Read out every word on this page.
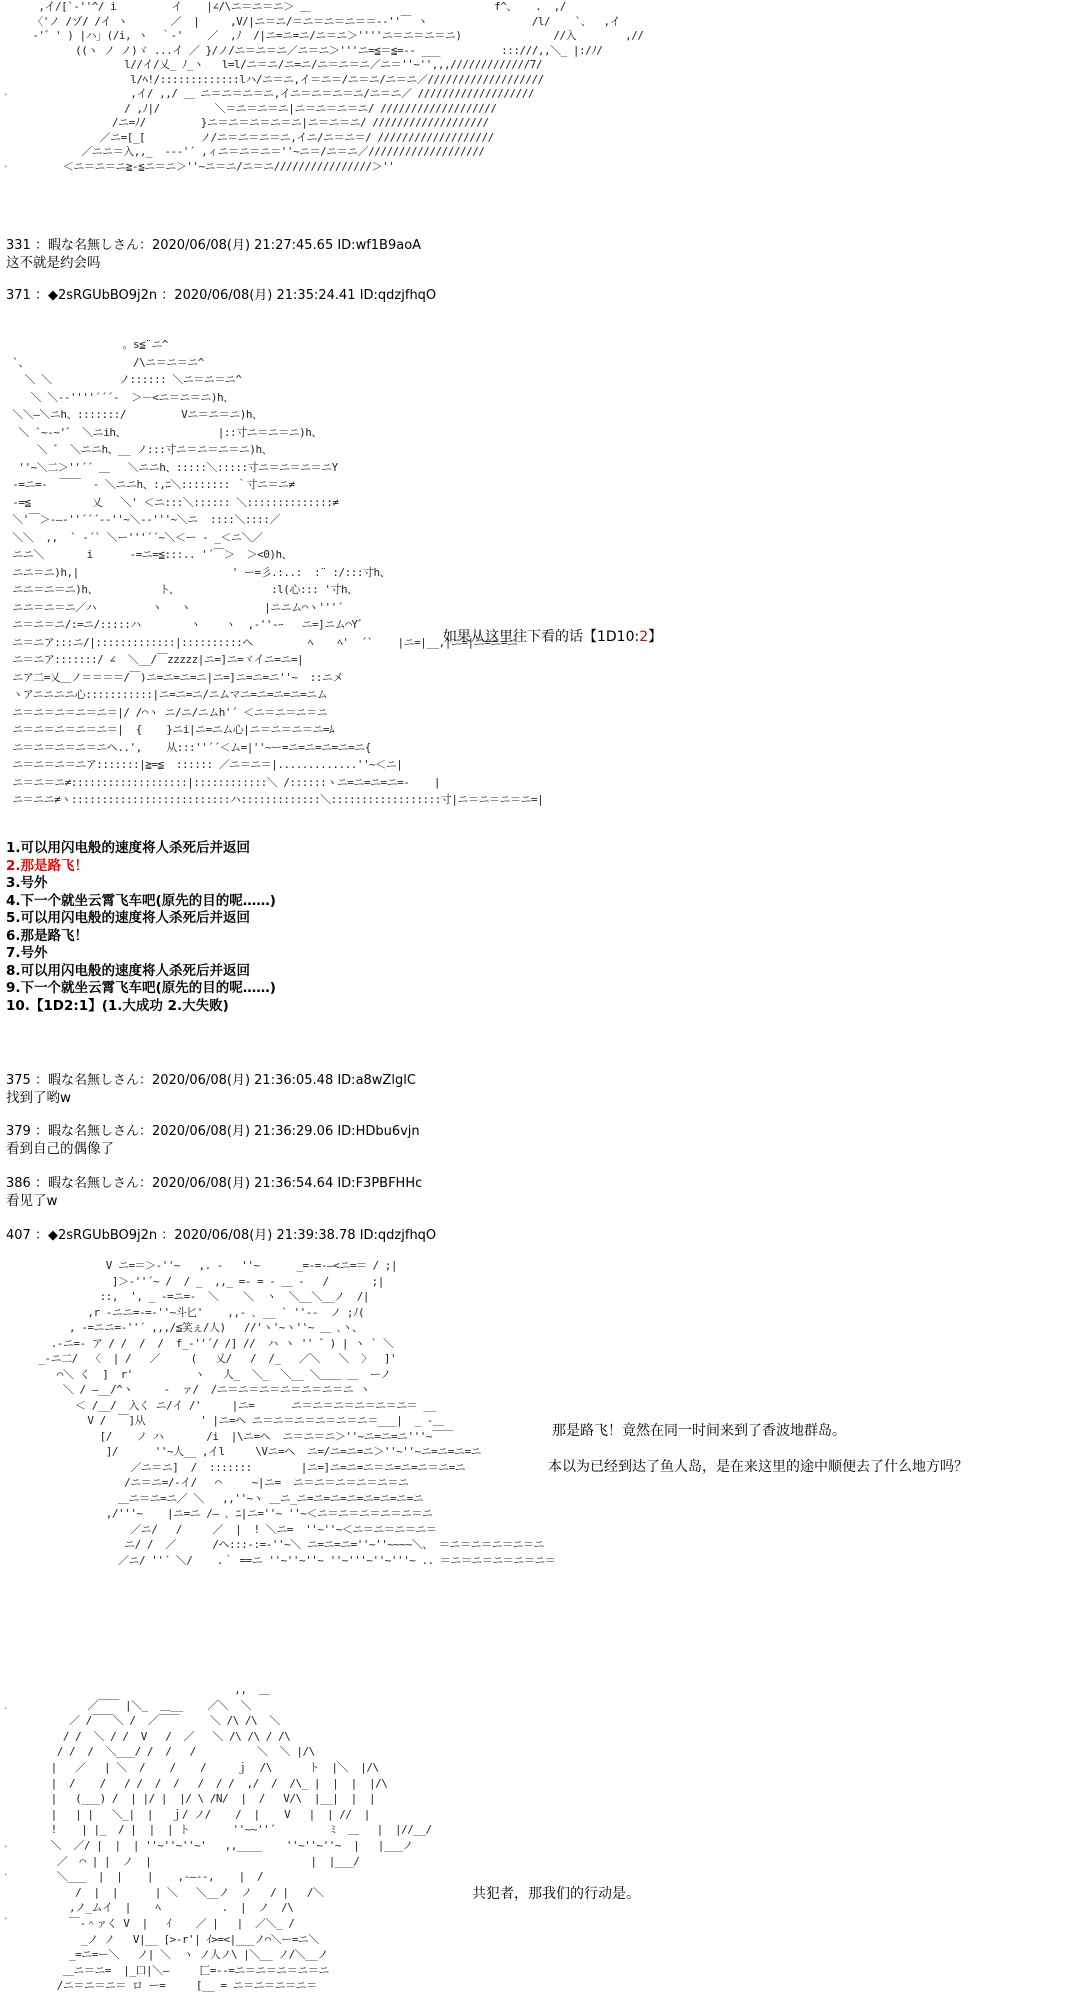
,イ/[`‐''^/ i         イ    |∠/\ニ＝ニ＝ニ＞ ＿                              f^、   .  ,/
〈'ノ /ゾ/ /イ ヽ       ／  |     ,V/|ニ＝ニ/＝ニ＝ニ＝ニ＝＝-‐''￣ ヽ                 /l/    `、  ,イ
‐'゛' ) |ハ」(/i, ヽ  ｀‐'    ／  ,ﾉ  /|ニ=ニ=ニ/ニ＝ニ＞''''ニ＝ニ＝ニ＝ニ)               //入        ,//
((ヽ ノ ノ)ゞ ...イ ／ }/ノ/ニ＝ニ＝ニ／ニ＝ニ＞'''ニ=≦＝≦=-- ___          :::///,,＼_ |:/ﾉ/
l//イ/乂_ ﾉ_ヽ   l=l/ニ＝ニ/ニ=ニ/ニ＝ニ＝ニ／ニ＝''~'',,,/////////////7/
l/ﾍ!/:::::::::::::lハ/ニ＝ニ,イ＝ニ＝/ニ＝ニ/ニ＝ニ／///////////////////
,イ/ ,,/ ＿ ニ＝ニ＝ニ＝ニ,イニ＝ニ＝ニ＝ニ/ニ＝ニ／ ///////////////////
/ ,ﾉ|/         ＼＝ニ＝ニ＝ニ|ニ＝ニ＝ニ＝ニ/ ///////////////////
/ニ=ﾉ/         }ニ＝ニ＝ニ＝ニ＝ニ|ニ＝ニ＝ニ/ ///////////////////
／ニ=[_[         ノ/ニ＝ニ＝ニ＝ニ,イニ/ニ＝ニ＝/ ///////////////////
／ニニ＝入,,_  ‐-‐'´ ,ィニ＝ニ＝ニ＝''~ニ＝/ニ＝ニ／///////////////////
＜ニ＝ニ＝ニ≧-≦ニ＝ニ＞''~ニ＝ニ/ニ＝ニ////////////////＞''
331 ：暇な名無しさん：2020/06/08(月) 21:27:45.65 ID:wf1B9aoA
这不就是约会吗
371 ：◆2sRGUbBO9j2n ：2020/06/08(月) 21:35:24.41 ID:qdzjfhqO
。s≦¨ニ^
`、                 /\ニ＝ニ＝ニ^
＼ ＼           ノ:::::: ＼ニ＝ニ＝ニ^
＼ ＼--''''´´´‐  ＞－<ニ＝ニ＝ニ)h、
＼＼―＼ニh、:::::::/         Vニ＝ニ＝ニ)h、
＼ `~-~'゛ ＼ニih、               |::寸ニ＝ニ＝ニ)h、
＼ ゛ ＼ニニh、__ ノ:::寸ニ＝ニ＝ニ＝ニ)h、
''~＼二＞''´´ ＿   ＼ニニh、:::::＼:::::寸ニ＝ニ＝ニ＝ニY
-=ニ=-  ￣￣  ‐ ＼ニニh、:,ﾆ＼:::::::: ｀寸ニ＝ニ≠
-=≦          乂   ＼' ＜ニ:::＼:::::: ＼::::::::::::::≠
＼'￣＞-―‐''´´´-‐''~＼--'''~＼ニ  ::::＼::::／
＼＼  ,,  ` ‐´` ＼ー'''´´~＼＜ー ‐ _＜ニ＼／
ニニ＼       i      -=ニ=≦:::.. '´￣＞  ＞<0)h、
ニニ＝ニ)h,|                         ' ー=彡.:..:  :¨ :/:::寸h、
ニニ＝ニ＝ニ)h、          ト、               :l(心::: '寸h、
ニニ＝ニ＝ニ／ハ         ヽ   ヽ            |ニニム⌒ヽ'''´
ニ＝ニ＝ニ/:=ニ/:::::ハ        ヽ    ヽ  ,-''-ｰ   ニ=]ニム⌒Y゛
ニ＝ニア:::ニ/|:::::::::::::|::::::::::ヘ         ﾍ    ﾍ'  ´`    |ニ=|__,|ニ=|ニ=ニ=ニ
ニ＝ニア:::::::/ ∠  ＼__/￣zzzzz|ニ=]ニ=ヾイニ=ニ=|
ニア二=乂＿ノ＝＝＝＝/￣)ニ=ニ=ニ=ニ|ニ=]ニ=ニ=ニ''~  ::ニメ
ヽアニニニニ心:::::::::::|ニ=ニ=ニ/ニムマニ=ニ=ニ=ニ=ニム
ニ＝ニ＝ニ＝ニ＝ニ＝|/ /⌒ヽ ニ/ニ/ニムh'´ ＜ニ＝ニ＝ニ＝ニ
ニ＝ニ＝ニ＝ニ＝ニ＝|  {    }ニi|ニ=ニム心|ニ＝ニ＝ニ＝ニ=ﾑ
ニ＝ニ＝ニ＝ニ＝ニヘ..',    从:::''´´＜ム=|''~ー=ニ=ニ=ニ=ニ=ニ{
ニ＝ニ＝ニ＝ニア:::::::|≧=≦  :::::: ／ニ＝ニ＝|.............''~＜ニ|
ニ＝ニ＝ニ≠:::::::::::::::::::|::::::::::::＼ /::::::ヽニ=ニ=ニ=ニ=-    |
ニ＝ニニ≠ヽ::::::::::::::::::::::::::ハ:::::::::::::＼::::::::::::::::::寸|ニ＝ニ＝ニ＝ニ=|
如果从这里往下看的话【1D10:2】
1.可以用闪电般的速度将人杀死后并返回
2.那是路飞！
3.号外
4.下一个就坐云霄飞车吧(原先的目的呢……)
5.可以用闪电般的速度将人杀死后并返回
6.那是路飞！
7.号外
8.可以用闪电般的速度将人杀死后并返回
9.下一个就坐云霄飞车吧(原先的目的呢……)
10.【1D2:1】(1.大成功 2.大失败)
375 ：暇な名無しさん：2020/06/08(月) 21:36:05.48 ID:a8wZlglC
找到了哟w
379 ：暇な名無しさん：2020/06/08(月) 21:36:29.06 ID:HDbu6vjn
看到自己的偶像了
386 ：暇な名無しさん：2020/06/08(月) 21:36:54.64 ID:F3PBFHHc
看见了w
407 ：◆2sRGUbBO9j2n ：2020/06/08(月) 21:39:38.78 ID:qdzjfhqO
V ニ=＝＞-''~   ,. -   ''~      _=-=-―<ニ=＝ / ;|
]＞-''´~ /  / _  ,,_ =- = - ＿ -   /       ;|
::,  ', _ -=ニ=-  ＼    ＼  ヽ  ＼__＼__ノ  /|
,r -ニニ=-=-''~斗匕'    ,,- ､ __ ` ''‐-  ノ ;ﾉ(
, -=ニニ=-''´ ,,,/≦笑ぇ/人)   //'ヽ'~ヽ''~ ＿ ､ヽ、
.-ニ=- ア / /  /  /  f_-''´/ /] //  ハ ヽ '' ゛) | ヽ ` ＼
_-ニ二/  〈  | /   ／     (   乂/   /  /_   ／＼   ＼  〉  ]'
⌒＼ く  ]  r'          ヽ   人_  ＼_  ＼__ ＼＿＿ ＿  ーノ
＼ / ―__/^ヽ     -  ァ/  /ニ＝ニ＝ニ＝ニ＝ニ＝ニ＝ニ ヽ
＜ /__/  入く ニ/イ /'     |ニ=      ニ＝ニ＝ニ＝ニ＝ニ＝ニ＝ __
V /  ￣]从         ' |ニ=ヘ ニ＝ニ＝ニ＝ニ＝ニ＝ニ＝___|  _ -＿
[/    ノ ハ       /i  |\ニ=ヘ  ニ＝ニ＝ニ＞''~ニ=ニ=ニ'''~￣￣
]/      ''~人__ ,イl     \Vニ=ヘ  ニ=/ニ=ニ=ニ＞''~''~ニ=ニ=ニ=ニ
／ニ＝ニ]  /  :::::::        |ニ=]ニ=ニ=ニ＝ニ=ニ=ニ＝ニ=ニ
/ニ＝ニ=/-イ/   ⌒     ~|ニ=  ニ＝ニ＝ニ＝ニ＝ニ＝ニ
＿ニ＝ニ=ニ／ ＼   ,,''~ヽ ＿ニ_ニ=ニ=ニ=ニ=ニ=ニ=ニ=ニ
,/'''~    |ニ=ニ /― ､ ﾆ|ニ=''~ ''~＜ニ＝ニ＝ニ＝ニ＝ニ＝ニ
／ニ/   /     ／  |  ! ＼ニ=  ''~''~＜ニ＝ニ＝ニ＝ニ＝
ニ/ /  ／      /ヘ:::-:=-''~＼ ニ=ニ=ニ=''~''~~~~＼、 ＝ニ＝ニ＝ニ＝ニ＝ニ
／ニ/ ''´ ＼/    .｀ ==ニ ''~''~''~ ''~'''~''~'''~ .. ＝ニ＝ニ＝ニ＝ニ＝ニ＝
那是路飞！竟然在同一时间来到了香波地群岛。
本以为已经到达了鱼人岛，是在来这里的途中顺便去了什么地方吗？
,,  ＿
／￣￣ |＼_  ＿__    ／＼  ＼
／ /￣￣＼ /  ／￣￣     ＼ /\ /\  ＼
/ /  ＼ / /  V   /  ／   ＼ /\ /\ / /\
/ /  /  ＼___/ /  /   /          ＼  ＼ |/\
|   ／   | ＼  /    /    /     ｊ  /\      ト  |＼  |/\
|  /    /   / /  /  /   /  / /  ,/  /  /\_ |  |  |  |/\
|   (___) /  | |/ |  |/ \ /N/  |  /   V/\  |__|  |  |
|   | |   ＼_|  |   ｊ/ ノ/    /  |    V   |  | //  |
!    | |_  / |  |  | ト       ''~~''´         ﾐ  ＿   |  |//__/
＼  ／/ |  |  | ''~''~''~'   ,,____    ''~''~''~  |   |___ノ
／  ⌒ | |  ノ  |                          |  |___/
＼___  |  |    |    ,-―‐-,    |  /
/  |  |      | ＼   ＼__ノ  ノ   / |   /＼
,ノ_ムイ  |    ﾍ          .  |  ノ  /\
￣-＾ァく V  |   ｲ    ／ |   |  ／＼_ /
_ノ ノ   V|__ [>-r'| ｲ>=<|___ノ⌒＼ー=ニ＼
_=ニ=ー＼   ノ| ＼  ヽ ノ人ノ\ |＼__ ノ/＼__ノ
＿ニ＝ニ=  |_口|＼―     匚=--=ニ＝ニ＝ニ＝ニ＝ニ
/ニ＝ニ＝ニ＝ ロ ー=     [__ = ニ＝ニ＝ニ＝ニ＝
共犯者，那我们的行动是。
.
.
.
.
.
.
